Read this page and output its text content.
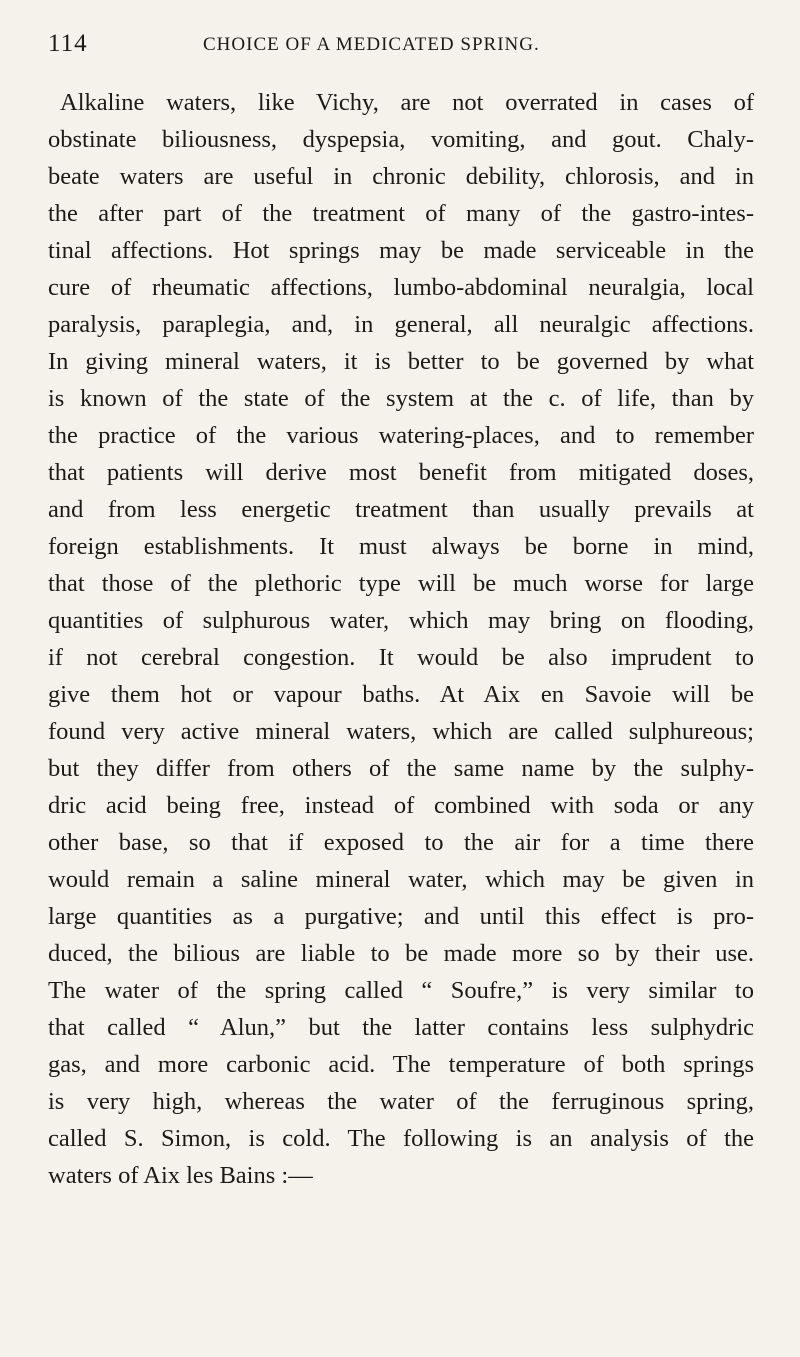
114	CHOICE OF A MEDICATED SPRING.
Alkaline waters, like Vichy, are not overrated in cases of
obstinate biliousness, dyspepsia, vomiting, and gout. Chaly-
beate waters are useful in chronic debility, chlorosis, and in
the after part of the treatment of many of the gastro-intes-
tinal affections. Hot springs may be made serviceable in the
cure of rheumatic affections, lumbo-abdominal neuralgia, local
paralysis, paraplegia, and, in general, all neuralgic affections.
In giving mineral waters, it is better to be governed by what
is known of the state of the system at the c. of life, than by
the practice of the various watering-places, and to remember
that patients will derive most benefit from mitigated doses,
and from less energetic treatment than usually prevails at
foreign establishments. It must always be borne in mind,
that those of the plethoric type will be much worse for large
quantities of sulphurous water, which may bring on flooding,
if not cerebral congestion. It would be also imprudent to
give them hot or vapour baths. At Aix en Savoie will be
found very active mineral waters, which are called sulphureous;
but they differ from others of the same name by the sulphy-
dric acid being free, instead of combined with soda or any
other base, so that if exposed to the air for a time there
would remain a saline mineral water, which may be given in
large quantities as a purgative; and until this effect is pro-
duced, the bilious are liable to be made more so by their use.
The water of the spring called “ Soufre,” is very similar to
that called “ Alun,” but the latter contains less sulphydric
gas, and more carbonic acid. The temperature of both springs
is very high, whereas the water of the ferruginous spring,
called S. Simon, is cold. The following is an analysis of the
waters of Aix les Bains :—
